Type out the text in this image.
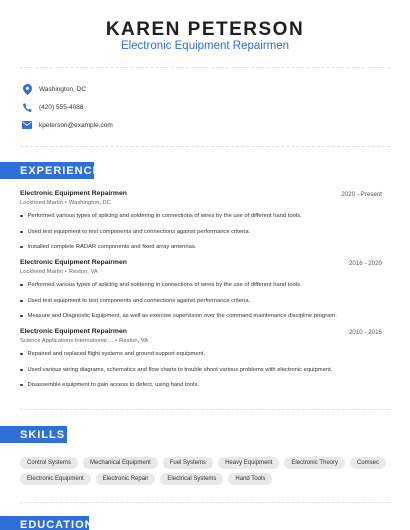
KAREN PETERSON
Electronic Equipment Repairmen
Washington, DC
(420) 555-4088
kpeterson@example.com
EXPERIENCE
Electronic Equipment Repairmen	2020 - Present
Lockheed Martin • Washington, DC
Performed various types of splicing and soldering in connections of wires by the use of different hand tools.
Used test equipment to test components and connections against performance criteria.
Installed complete RADAR components and fixed array antennas.
Electronic Equipment Repairmen	2016 - 2020
Lockheed Martin • Reston, VA
Performed various types of splicing and soldering in connections of wires by the use of different hand tools.
Used test equipment to test components and connections against performance criteria.
Measure and Diagnostic Equipment, as well as exercise supervision over the command maintenance discipline program.
Electronic Equipment Repairmen	2010 - 2016
Science Applications International ... • Reston, VA
Repaired and replaced flight systems and ground support equipment.
Used various wiring diagrams, schematics and flow charts to trouble shoot various problems with electronic equipment.
Disassemble equipment to gain access to defect, using hand tools.
SKILLS
Control Systems	Mechanical Equipment	Fuel Systems	Heavy Equipment	Electronic Theory	Comsec
Electronic Equipment	Electronic Repair	Electrical Systems	Hand Tools
EDUCATION
